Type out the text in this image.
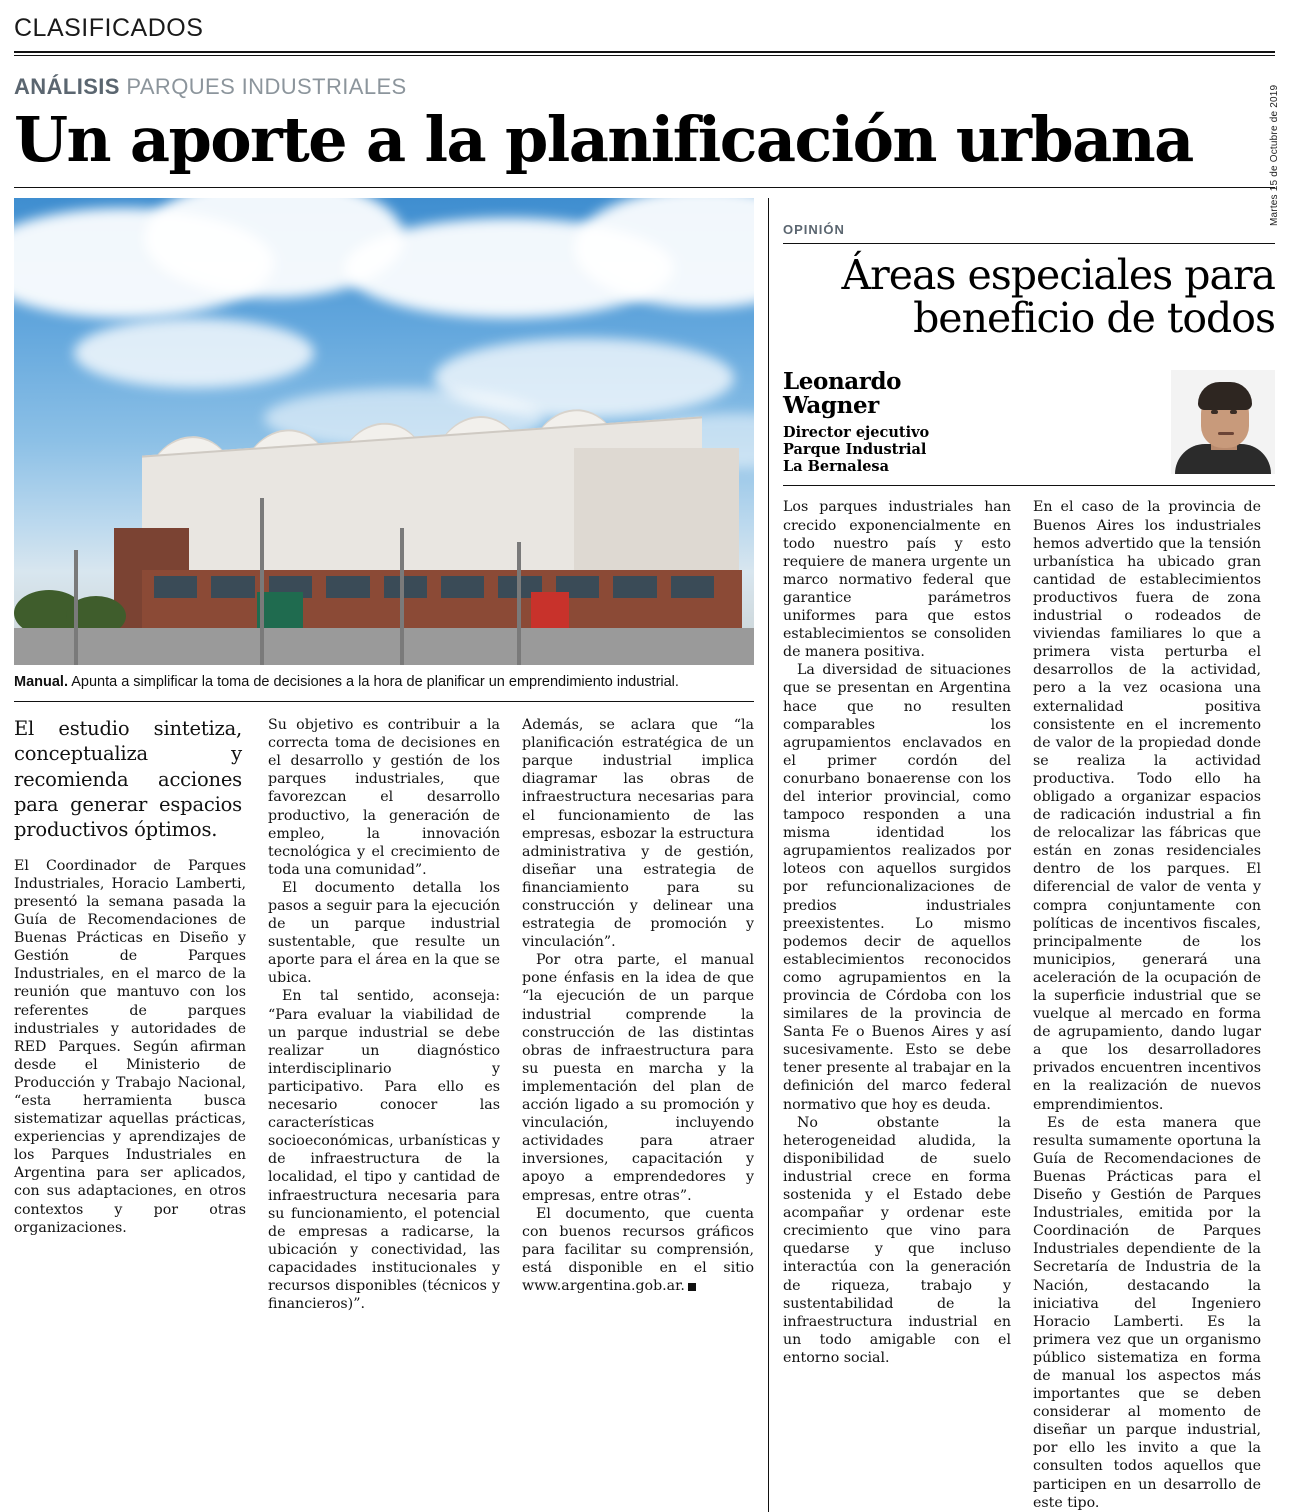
Martes 15 de Octubre de 2019
CLASIFICADOS
ANÁLISIS PARQUES INDUSTRIALES
Un aporte a la planificación urbana
Manual. Apunta a simplificar la toma de decisiones a la hora de planificar un emprendimiento industrial.
El estudio sintetiza, conceptualiza y recomienda acciones para generar espacios productivos óptimos.

El Coordinador de Parques Industriales, Horacio Lamberti, presentó la semana pasada la Guía de Recomendaciones de Buenas Prácticas en Diseño y Gestión de Parques Industriales, en el marco de la reunión que mantuvo con los referentes de parques industriales y autoridades de RED Parques. Según afirman desde el Ministerio de Producción y Trabajo Nacional, “esta herramienta busca sistematizar aquellas prácticas, experiencias y aprendizajes de los Parques Industriales en Argentina para ser aplicados, con sus adaptaciones, en otros contextos y por otras organizaciones.

Su objetivo es contribuir a la correcta toma de decisiones en el desarrollo y gestión de los parques industriales, que favorezcan el desarrollo productivo, la generación de empleo, la innovación tecnológica y el crecimiento de toda una comunidad”.

El documento detalla los pasos a seguir para la ejecución de un parque industrial sustentable, que resulte un aporte para el área en la que se ubica.

En tal sentido, aconseja: “Para evaluar la viabilidad de un parque industrial se debe realizar un diagnóstico interdisciplinario y participativo. Para ello es necesario conocer las características socioeconómicas, urbanísticas y de infraestructura de la localidad, el tipo y cantidad de infraestructura necesaria para su funcionamiento, el potencial de empresas a radicarse, la ubicación y conectividad, las capacidades institucionales y recursos disponibles (técnicos y financieros)”.

Además, se aclara que “la planificación estratégica de un parque industrial implica diagramar las obras de infraestructura necesarias para el funcionamiento de las empresas, esbozar la estructura administrativa y de gestión, diseñar una estrategia de financiamiento para su construcción y delinear una estrategia de promoción y vinculación”.

Por otra parte, el manual pone énfasis en la idea de que “la ejecución de un parque industrial comprende la construcción de las distintas obras de infraestructura para su puesta en marcha y la implementación del plan de acción ligado a su promoción y vinculación, incluyendo actividades para atraer inversiones, capacitación y apoyo a emprendedores y empresas, entre otras”.

El documento, que cuenta con buenos recursos gráficos para facilitar su comprensión, está disponible en el sitio www.argentina.gob.ar.

OPINIÓN
Áreas especiales para
beneficio de todos
Leonardo
Wagner
Director ejecutivo
Parque Industrial
La Bernalesa

Los parques industriales han crecido exponencialmente en todo nuestro país y esto requiere de manera urgente un marco normativo federal que garantice parámetros uniformes para que estos establecimientos se consoliden de manera positiva.

La diversidad de situaciones que se presentan en Argentina hace que no resulten comparables los agrupamientos enclavados en el primer cordón del conurbano bonaerense con los del interior provincial, como tampoco responden a una misma identidad los agrupamientos realizados por loteos con aquellos surgidos por refuncionalizaciones de predios industriales preexistentes. Lo mismo podemos decir de aquellos establecimientos reconocidos como agrupamientos en la provincia de Córdoba con los similares de la provincia de Santa Fe o Buenos Aires y así sucesivamente. Esto se debe tener presente al trabajar en la definición del marco federal normativo que hoy es deuda.

No obstante la heterogeneidad aludida, la disponibilidad de suelo industrial crece en forma sostenida y el Estado debe acompañar y ordenar este crecimiento que vino para quedarse y que incluso interactúa con la generación de riqueza, trabajo y sustentabilidad de la infraestructura industrial en un todo amigable con el entorno social.

En el caso de la provincia de Buenos Aires los industriales hemos advertido que la tensión urbanística ha ubicado gran cantidad de establecimientos productivos fuera de zona industrial o rodeados de viviendas familiares lo que a primera vista perturba el desarrollos de la actividad, pero a la vez ocasiona una externalidad positiva consistente en el incremento de valor de la propiedad donde se realiza la actividad productiva. Todo ello ha obligado a organizar espacios de radicación industrial a fin de relocalizar las fábricas que están en zonas residenciales dentro de los parques. El diferencial de valor de venta y compra conjuntamente con políticas de incentivos fiscales, principalmente de los municipios, generará una aceleración de la ocupación de la superficie industrial que se vuelque al mercado en forma de agrupamiento, dando lugar a que los desarrolladores privados encuentren incentivos en la realización de nuevos emprendimientos.

Es de esta manera que resulta sumamente oportuna la Guía de Recomendaciones de Buenas Prácticas para el Diseño y Gestión de Parques Industriales, emitida por la Coordinación de Parques Industriales dependiente de la Secretaría de Industria de la Nación, destacando la iniciativa del Ingeniero Horacio Lamberti. Es la primera vez que un organismo público sistematiza en forma de manual los aspectos más importantes que se deben considerar al momento de diseñar un parque industrial, por ello les invito a que la consulten todos aquellos que participen en un desarrollo de este tipo.
